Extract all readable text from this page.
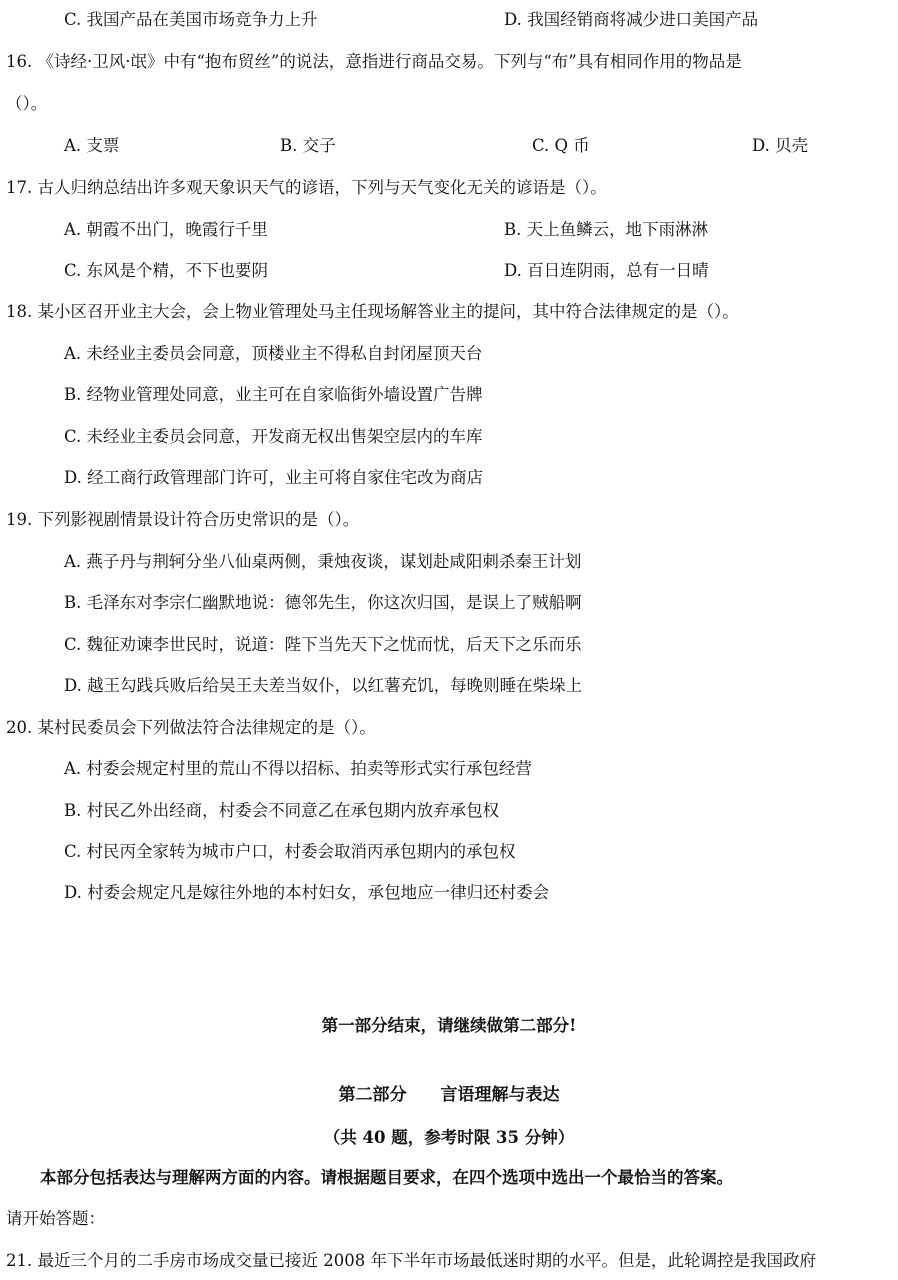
C. 我国产品在美国市场竞争力上升	D. 我国经销商将减少进口美国产品
16. 《诗经·卫风·氓》中有“抱布贸丝”的说法，意指进行商品交易。下列与“布”具有相同作用的物品是
（）。
A. 支票	B. 交子	C. Q 币	D. 贝壳
17. 古人归纳总结出许多观天象识天气的谚语，下列与天气变化无关的谚语是（）。
A. 朝霞不出门，晚霞行千里	B. 天上鱼鳞云，地下雨淋淋
C. 东风是个精，不下也要阴	D. 百日连阴雨，总有一日晴
18. 某小区召开业主大会，会上物业管理处马主任现场解答业主的提问，其中符合法律规定的是（）。
A. 未经业主委员会同意，顶楼业主不得私自封闭屋顶天台
B. 经物业管理处同意，业主可在自家临街外墙设置广告牌
C. 未经业主委员会同意，开发商无权出售架空层内的车库
D. 经工商行政管理部门许可，业主可将自家住宅改为商店
19. 下列影视剧情景设计符合历史常识的是（）。
A. 燕子丹与荆轲分坐八仙桌两侧，秉烛夜谈，谋划赴咸阳刺杀秦王计划
B. 毛泽东对李宗仁幽默地说：德邻先生，你这次归国，是误上了贼船啊
C. 魏征劝谏李世民时，说道：陛下当先天下之忧而忧，后天下之乐而乐
D. 越王勾践兵败后给吴王夫差当奴仆，以红薯充饥，每晚则睡在柴垛上
20. 某村民委员会下列做法符合法律规定的是（）。
A. 村委会规定村里的荒山不得以招标、拍卖等形式实行承包经营
B. 村民乙外出经商，村委会不同意乙在承包期内放弃承包权
C. 村民丙全家转为城市户口，村委会取消丙承包期内的承包权
D. 村委会规定凡是嫁往外地的本村妇女，承包地应一律归还村委会
第一部分结束，请继续做第二部分!
第二部分　　言语理解与表达
（共 40 题，参考时限 35 分钟）
本部分包括表达与理解两方面的内容。请根据题目要求，在四个选项中选出一个最恰当的答案。
请开始答题：
21. 最近三个月的二手房市场成交量已接近 2008 年下半年市场最低迷时期的水平。但是，此轮调控是我国政府
